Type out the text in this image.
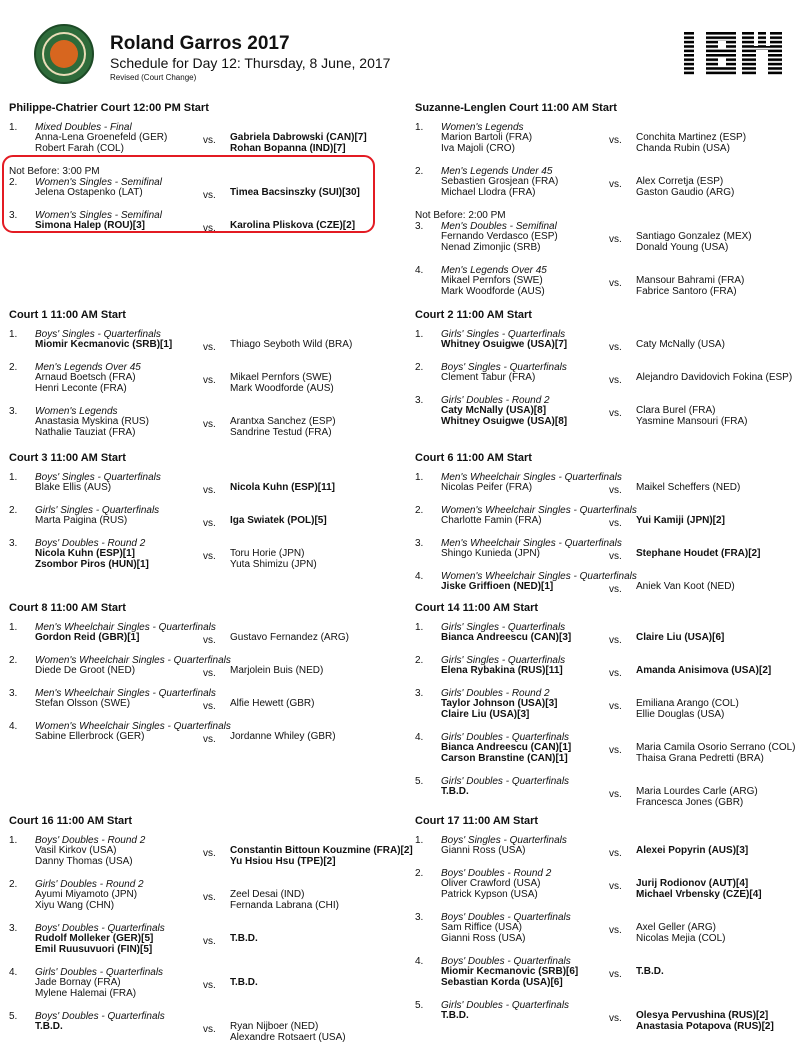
Roland Garros 2017
Schedule for Day 12: Thursday, 8 June, 2017
Revised (Court Change)
Philippe-Chatrier Court 12:00 PM Start
1. Mixed Doubles - Final
Anna-Lena Groenefeld (GER)
Robert Farah (COL)
vs. Gabriela Dabrowski (CAN)[7]
Rohan Bopanna (IND)[7]
Not Before: 3:00 PM
2. Women's Singles - Semifinal
Jelena Ostapenko (LAT)	vs. Timea Bacsinszky (SUI)[30]
3. Women's Singles - Semifinal
Simona Halep (ROU)[3]	vs. Karolina Pliskova (CZE)[2]
Suzanne-Lenglen Court 11:00 AM Start
1. Women's Legends
Marion Bartoli (FRA)
Iva Majoli (CRO)
vs. Conchita Martinez (ESP)
Chanda Rubin (USA)
2. Men's Legends Under 45
Sebastien Grosjean (FRA)
Michael Llodra (FRA)
vs. Alex Corretja (ESP)
Gaston Gaudio (ARG)
Not Before: 2:00 PM
3. Men's Doubles - Semifinal
Fernando Verdasco (ESP)
Nenad Zimonjic (SRB)
vs. Santiago Gonzalez (MEX)
Donald Young (USA)
4. Men's Legends Over 45
Mikael Pernfors (SWE)
Mark Woodforde (AUS)
vs. Mansour Bahrami (FRA)
Fabrice Santoro (FRA)
Court 1 11:00 AM Start
1. Boys' Singles - Quarterfinals
Miomir Kecmanovic (SRB)[1]	vs. Thiago Seyboth Wild (BRA)
2. Men's Legends Over 45
Arnaud Boetsch (FRA)
Henri Leconte (FRA)
vs. Mikael Pernfors (SWE)
Mark Woodforde (AUS)
3. Women's Legends
Anastasia Myskina (RUS)
Nathalie Tauziat (FRA)
vs. Arantxa Sanchez (ESP)
Sandrine Testud (FRA)
Court 2 11:00 AM Start
1. Girls' Singles - Quarterfinals
Whitney Osuigwe (USA)[7]	vs. Caty McNally (USA)
2. Boys' Singles - Quarterfinals
Clement Tabur (FRA)	vs. Alejandro Davidovich Fokina (ESP)
3. Girls' Doubles - Round 2
Caty McNally (USA)[8]
Whitney Osuigwe (USA)[8]
vs. Clara Burel (FRA)
Yasmine Mansouri (FRA)
Court 3 11:00 AM Start
1. Boys' Singles - Quarterfinals
Blake Ellis (AUS)	vs. Nicola Kuhn (ESP)[11]
2. Girls' Singles - Quarterfinals
Marta Paigina (RUS)	vs. Iga Swiatek (POL)[5]
3. Boys' Doubles - Round 2
Nicola Kuhn (ESP)[1]
Zsombor Piros (HUN)[1]
vs. Toru Horie (JPN)
Yuta Shimizu (JPN)
Court 6 11:00 AM Start
1. Men's Wheelchair Singles - Quarterfinals
Nicolas Peifer (FRA)	vs. Maikel Scheffers (NED)
2. Women's Wheelchair Singles - Quarterfinals
Charlotte Famin (FRA)	vs. Yui Kamiji (JPN)[2]
3. Men's Wheelchair Singles - Quarterfinals
Shingo Kunieda (JPN)	vs. Stephane Houdet (FRA)[2]
4. Women's Wheelchair Singles - Quarterfinals
Jiske Griffioen (NED)[1]	vs. Aniek Van Koot (NED)
Court 8 11:00 AM Start
1. Men's Wheelchair Singles - Quarterfinals
Gordon Reid (GBR)[1]	vs. Gustavo Fernandez (ARG)
2. Women's Wheelchair Singles - Quarterfinals
Diede De Groot (NED)	vs. Marjolein Buis (NED)
3. Men's Wheelchair Singles - Quarterfinals
Stefan Olsson (SWE)	vs. Alfie Hewett (GBR)
4. Women's Wheelchair Singles - Quarterfinals
Sabine Ellerbrock (GER)	vs. Jordanne Whiley (GBR)
Court 14 11:00 AM Start
1. Girls' Singles - Quarterfinals
Bianca Andreescu (CAN)[3]	vs. Claire Liu (USA)[6]
2. Girls' Singles - Quarterfinals
Elena Rybakina (RUS)[11]	vs. Amanda Anisimova (USA)[2]
3. Girls' Doubles - Round 2
Taylor Johnson (USA)[3]
Claire Liu (USA)[3]
vs. Emiliana Arango (COL)
Ellie Douglas (USA)
4. Girls' Doubles - Quarterfinals
Bianca Andreescu (CAN)[1]
Carson Branstine (CAN)[1]
vs. Maria Camila Osorio Serrano (COL)
Thaisa Grana Pedretti (BRA)
5. Girls' Doubles - Quarterfinals
T.B.D.	vs. Maria Lourdes Carle (ARG)
Francesca Jones (GBR)
Court 16 11:00 AM Start
1. Boys' Doubles - Round 2
Vasil Kirkov (USA)
Danny Thomas (USA)
vs. Constantin Bittoun Kouzmine (FRA)[2]
Yu Hsiou Hsu (TPE)[2]
2. Girls' Doubles - Round 2
Ayumi Miyamoto (JPN)
Xiyu Wang (CHN)
vs. Zeel Desai (IND)
Fernanda Labrana (CHI)
3. Boys' Doubles - Quarterfinals
Rudolf Molleker (GER)[5]
Emil Ruusuvuori (FIN)[5]
vs. T.B.D.
4. Girls' Doubles - Quarterfinals
Jade Bornay (FRA)
Mylene Halemai (FRA)
vs. T.B.D.
5. Boys' Doubles - Quarterfinals
T.B.D.	vs. Ryan Nijboer (NED)
Alexandre Rotsaert (USA)
Court 17 11:00 AM Start
1. Boys' Singles - Quarterfinals
Gianni Ross (USA)	vs. Alexei Popyrin (AUS)[3]
2. Boys' Doubles - Round 2
Oliver Crawford (USA)
Patrick Kypson (USA)
vs. Jurij Rodionov (AUT)[4]
Michael Vrbensky (CZE)[4]
3. Boys' Doubles - Quarterfinals
Sam Riffice (USA)
Gianni Ross (USA)
vs. Axel Geller (ARG)
Nicolas Mejia (COL)
4. Boys' Doubles - Quarterfinals
Miomir Kecmanovic (SRB)[6]
Sebastian Korda (USA)[6]
vs. T.B.D.
5. Girls' Doubles - Quarterfinals
T.B.D.	vs. Olesya Pervushina (RUS)[2]
Anastasia Potapova (RUS)[2]
